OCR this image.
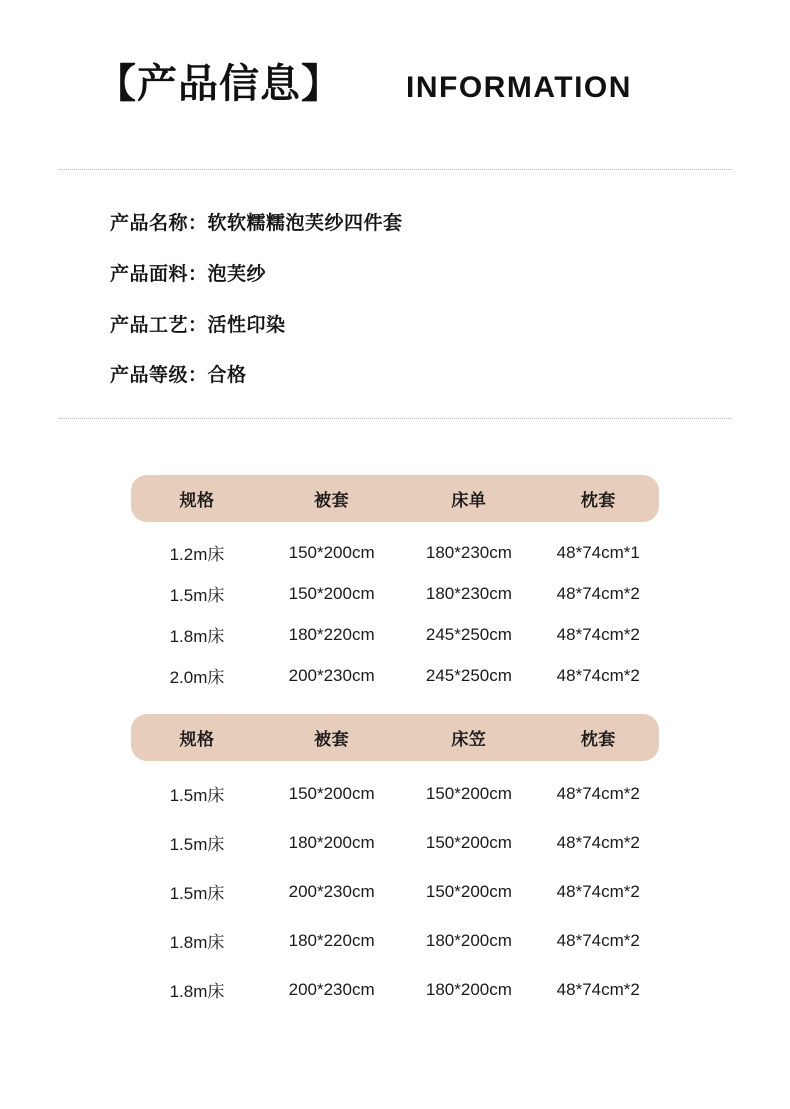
【产品信息】 INFORMATION
产品名称：软软糯糯泡芙纱四件套
产品面料：泡芙纱
产品工艺：活性印染
产品等级：合格
规格	被套	床单	枕套
1.2m床	150*200cm	180*230cm	48*74cm*1
1.5m床	150*200cm	180*230cm	48*74cm*2
1.8m床	180*220cm	245*250cm	48*74cm*2
2.0m床	200*230cm	245*250cm	48*74cm*2
规格	被套	床笠	枕套
1.5m床	150*200cm	150*200cm	48*74cm*2
1.5m床	180*200cm	150*200cm	48*74cm*2
1.5m床	200*230cm	150*200cm	48*74cm*2
1.8m床	180*220cm	180*200cm	48*74cm*2
1.8m床	200*230cm	180*200cm	48*74cm*2
